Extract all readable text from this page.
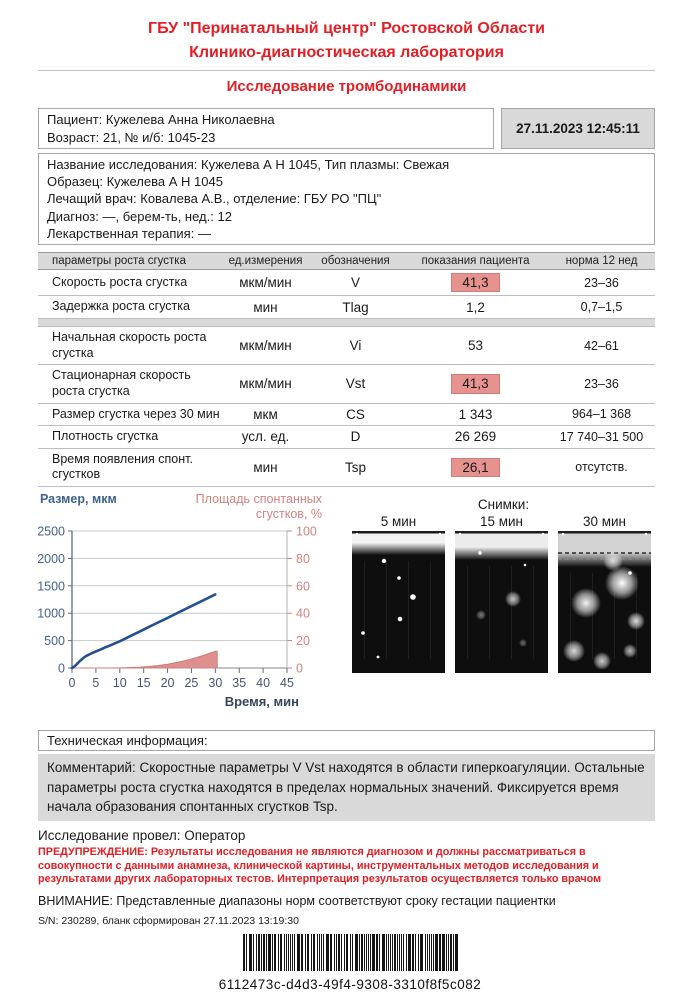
ГБУ "Перинатальный центр" Ростовской Области
Клинико-диагностическая лаборатория
Исследование тромбодинамики
Пациент: Кужелева Анна Николаевна
Возраст: 21, № и/б: 1045-23
27.11.2023 12:45:11
Название исследования: Кужелева А Н 1045, Тип плазмы: Свежая
Образец: Кужелева А Н 1045
Лечащий врач: Ковалева А.В., отделение: ГБУ РО "ПЦ"
Диагноз: —, берем-ть, нед.: 12
Лекарственная терапия: —
параметры роста сгустка	ед.измерения	обозначения	показания пациента	норма 12 нед
Скорость роста сгустка	мкм/мин	V	41,3	23–36
Задержка роста сгустка	мин	Tlag	1,2	0,7–1,5
Начальная скорость роста сгустка	мкм/мин	Vi	53	42–61
Стационарная скорость роста сгустка	мкм/мин	Vst	41,3	23–36
Размер сгустка через 30 мин	мкм	CS	1 343	964–1 368
Плотность сгустка	усл. ед.	D	26 269	17 740–31 500
Время появления спонт. сгустков	мин	Tsp	26,1	отсутств.
Размер, мкм	Площадь спонтанных
сгустков, %
0
500
1000
1500
2000
2500
0
20
40
60
80
100
0 5 10 15 20 25 30 35 40 45
Время, мин
Снимки:
5 мин	15 мин	30 мин
Техническая информация:
Комментарий: Скоростные параметры V Vst находятся в области гиперкоагуляции. Остальные параметры роста сгустка находятся в пределах нормальных значений. Фиксируется время начала образования спонтанных сгустков Tsp.
Исследование провел: Оператор
ПРЕДУПРЕЖДЕНИЕ: Результаты исследования не являются диагнозом и должны рассматриваться в совокупности с данными анамнеза, клинической картины, инструментальных методов исследования и результатами других лабораторных тестов. Интерпретация результатов осуществляется только врачом
ВНИМАНИЕ: Представленные диапазоны норм соответствуют сроку гестации пациентки
S/N: 230289, бланк сформирован 27.11.2023 13:19:30
6112473c-d4d3-49f4-9308-3310f8f5c082
